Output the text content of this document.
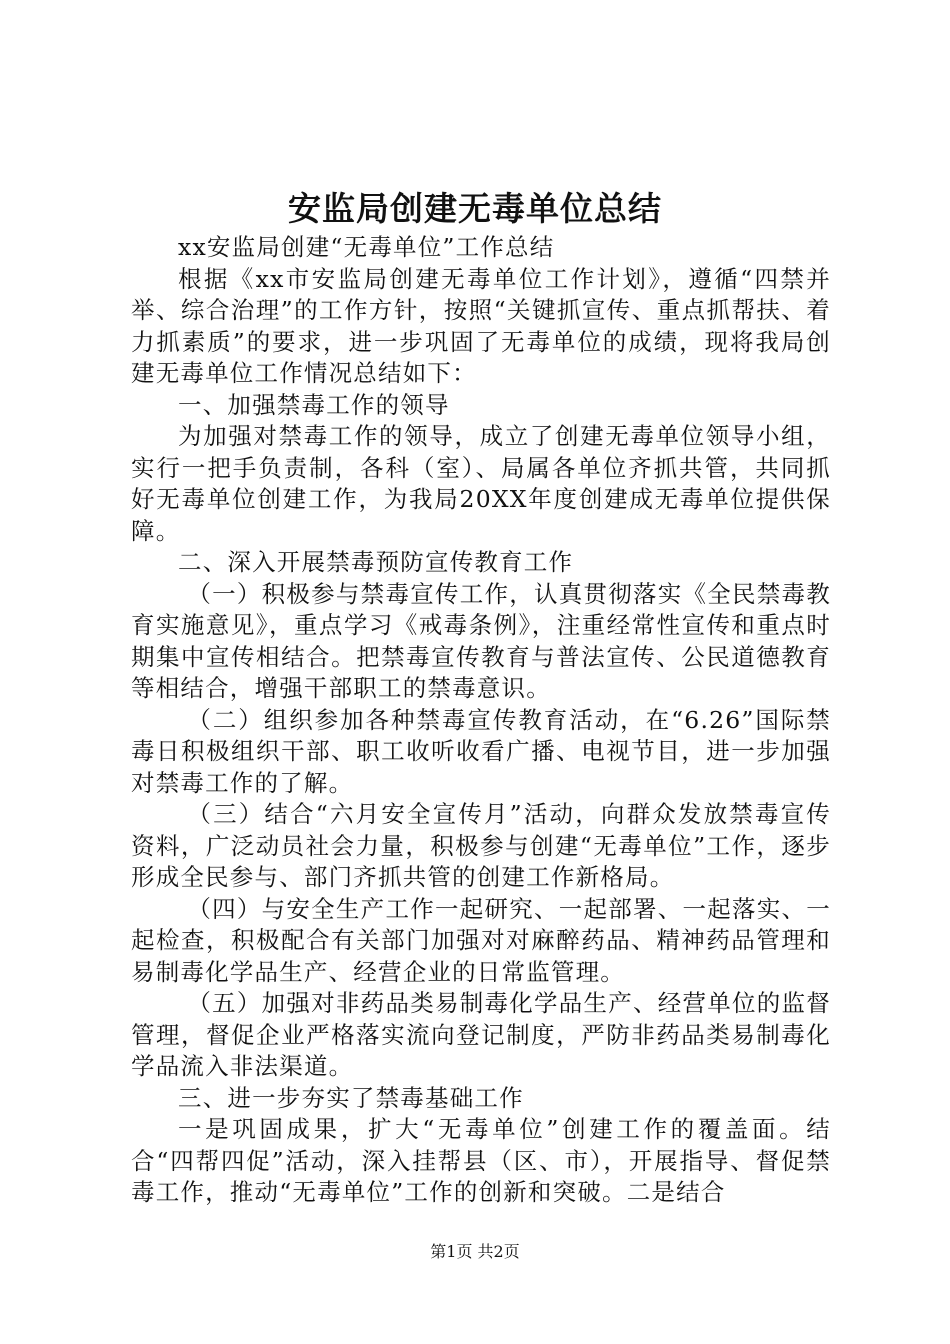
安监局创建无毒单位总结

xx安监局创建“无毒单位”工作总结

根据《xx市安监局创建无毒单位工作计划》，遵循“四禁并举、综合治理”的工作方针，按照“关键抓宣传、重点抓帮扶、着力抓素质”的要求，进一步巩固了无毒单位的成绩，现将我局创建无毒单位工作情况总结如下：

一、加强禁毒工作的领导

为加强对禁毒工作的领导，成立了创建无毒单位领导小组，实行一把手负责制，各科（室）、局属各单位齐抓共管，共同抓好无毒单位创建工作，为我局20XX年度创建成无毒单位提供保障。

二、深入开展禁毒预防宣传教育工作

（一）积极参与禁毒宣传工作，认真贯彻落实《全民禁毒教育实施意见》，重点学习《戒毒条例》，注重经常性宣传和重点时期集中宣传相结合。把禁毒宣传教育与普法宣传、公民道德教育等相结合，增强干部职工的禁毒意识。

（二）组织参加各种禁毒宣传教育活动，在“6.26”国际禁毒日积极组织干部、职工收听收看广播、电视节目，进一步加强对禁毒工作的了解。

（三）结合“六月安全宣传月”活动，向群众发放禁毒宣传资料，广泛动员社会力量，积极参与创建“无毒单位”工作，逐步形成全民参与、部门齐抓共管的创建工作新格局。

（四）与安全生产工作一起研究、一起部署、一起落实、一起检查，积极配合有关部门加强对对麻醉药品、精神药品管理和易制毒化学品生产、经营企业的日常监管理。

（五）加强对非药品类易制毒化学品生产、经营单位的监督管理，督促企业严格落实流向登记制度，严防非药品类易制毒化学品流入非法渠道。

三、进一步夯实了禁毒基础工作

一是巩固成果，扩大“无毒单位”创建工作的覆盖面。结合“四帮四促”活动，深入挂帮县（区、市），开展指导、督促禁毒工作，推动“无毒单位”工作的创新和突破。二是结合

第1页 共2页
